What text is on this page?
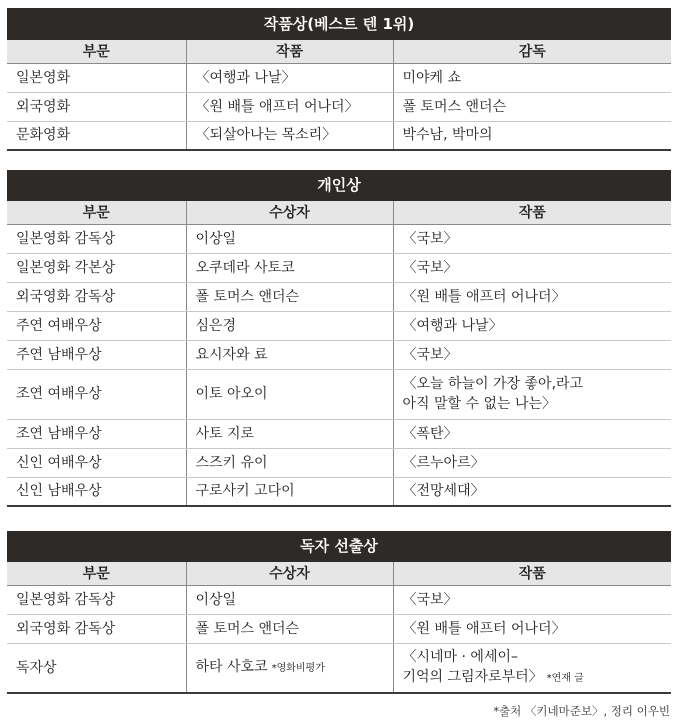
작품상(베스트 텐 1위)
부문	작품	감독
일본영화	〈여행과 나날〉	미야케 쇼
외국영화	〈원 배틀 애프터 어나더〉	폴 토머스 앤더슨
문화영화	〈되살아나는 목소리〉	박수남, 박마의
개인상
부문	수상자	작품
일본영화 감독상	이상일	〈국보〉
일본영화 각본상	오쿠데라 사토코	〈국보〉
외국영화 감독상	폴 토머스 앤더슨	〈원 배틀 애프터 어나더〉
주연 여배우상	심은경	〈여행과 나날〉
주연 남배우상	요시자와 료	〈국보〉
조연 여배우상	이토 아오이	〈오늘 하늘이 가장 좋아,라고
아직 말할 수 없는 나는〉

조연 남배우상	사토 지로	〈폭탄〉
신인 여배우상	스즈키 유이	〈르누아르〉
신인 남배우상	구로사키 고다이	〈전망세대〉
독자 선출상
부문	수상자	작품
일본영화 감독상	이상일	〈국보〉
외국영화 감독상	폴 토머스 앤더슨	〈원 배틀 애프터 어나더〉
독자상	하타 사호코 *영화비평가	〈시네마 · 에세이–
기억의 그림자로부터〉 *연재 글
*출처 〈키네마준보〉, 정리 이우빈
